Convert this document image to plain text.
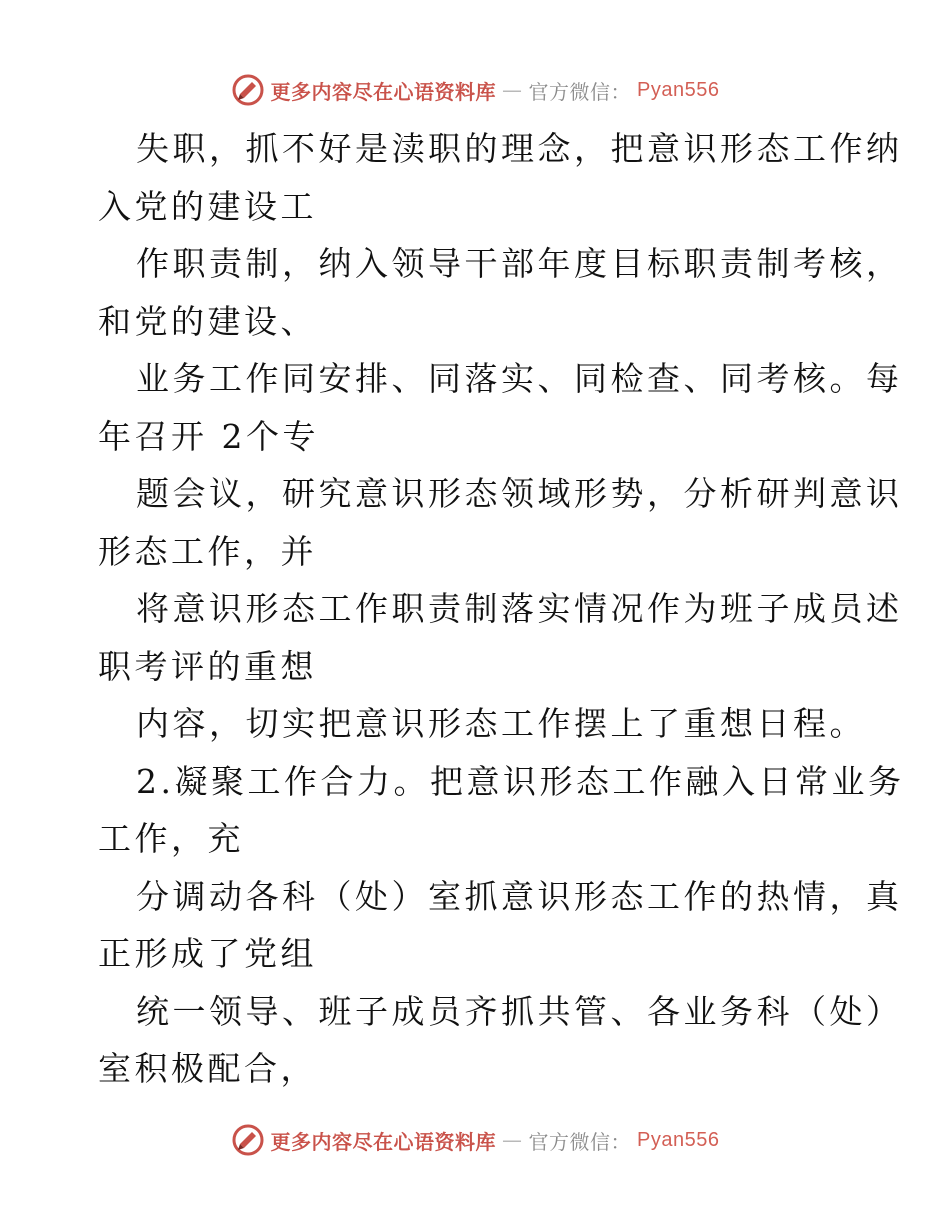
更多内容尽在心语资料库 — 官方微信： Pyan556

失职，抓不好是渎职的理念，把意识形态工作纳
入党的建设工

作职责制，纳入领导干部年度目标职责制考核，
和党的建设、

业务工作同安排、同落实、同检查、同考核。每
年召开 2个专

题会议，研究意识形态领域形势，分析研判意识
形态工作，并

将意识形态工作职责制落实情况作为班子成员述
职考评的重想

内容，切实把意识形态工作摆上了重想日程。

2.凝聚工作合力。把意识形态工作融入日常业务
工作，充

分调动各科（处）室抓意识形态工作的热情，真
正形成了党组

统一领导、班子成员齐抓共管、各业务科（处）
室积极配合，

更多内容尽在心语资料库 — 官方微信： Pyan556
